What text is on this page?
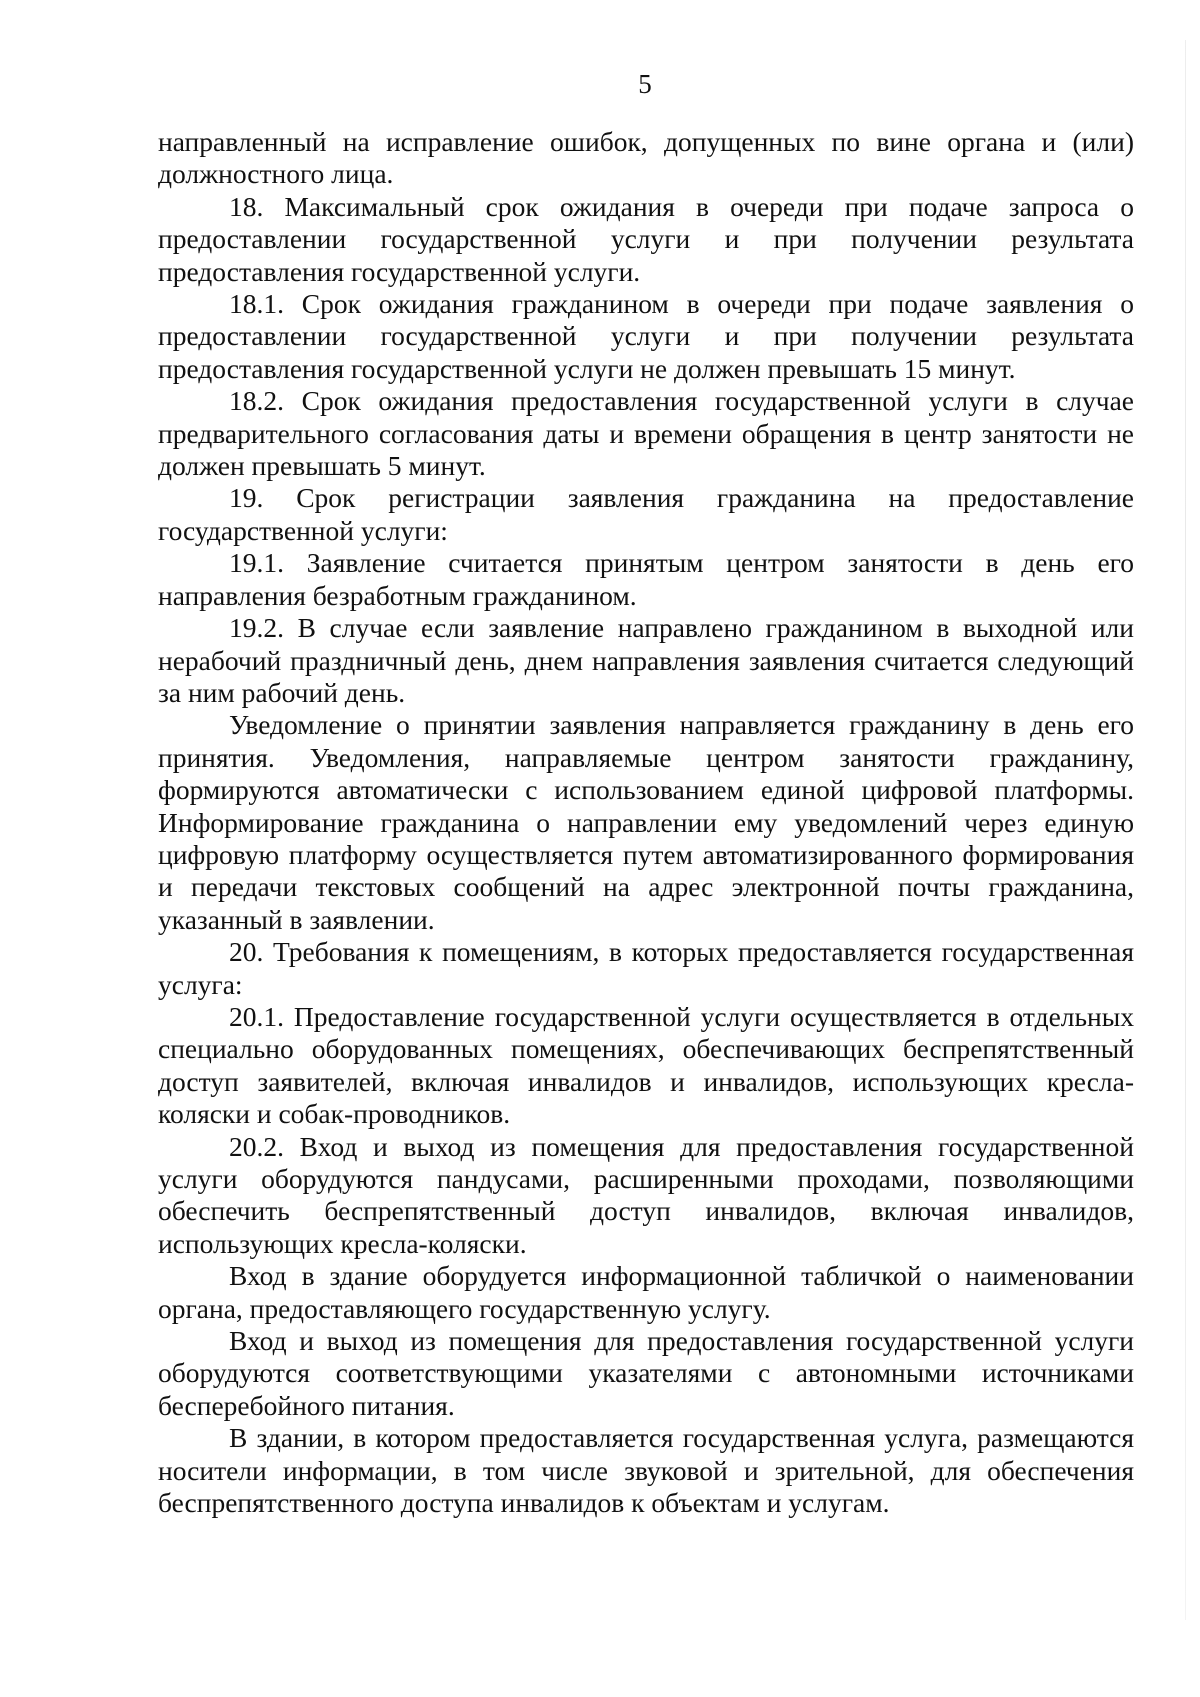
5

направленный на исправление ошибок, допущенных по вине органа и (или) должностного лица.

18. Максимальный срок ожидания в очереди при подаче запроса о предоставлении государственной услуги и при получении результата предоставления государственной услуги.

18.1. Срок ожидания гражданином в очереди при подаче заявления о предоставлении государственной услуги и при получении результата предоставления государственной услуги не должен превышать 15 минут.

18.2. Срок ожидания предоставления государственной услуги в случае предварительного согласования даты и времени обращения в центр занятости не должен превышать 5 минут.

19. Срок регистрации заявления гражданина на предоставление государственной услуги:

19.1. Заявление считается принятым центром занятости в день его направления безработным гражданином.

19.2. В случае если заявление направлено гражданином в выходной или нерабочий праздничный день, днем направления заявления считается следующий за ним рабочий день.

Уведомление о принятии заявления направляется гражданину в день его принятия. Уведомления, направляемые центром занятости гражданину, формируются автоматически с использованием единой цифровой платформы. Информирование гражданина о направлении ему уведомлений через единую цифровую платформу осуществляется путем автоматизированного формирования и передачи текстовых сообщений на адрес электронной почты гражданина, указанный в заявлении.

20. Требования к помещениям, в которых предоставляется государственная услуга:

20.1. Предоставление государственной услуги осуществляется в отдельных специально оборудованных помещениях, обеспечивающих беспрепятственный доступ заявителей, включая инвалидов и инвалидов, использующих кресла-коляски и собак-проводников.

20.2. Вход и выход из помещения для предоставления государственной услуги оборудуются пандусами, расширенными проходами, позволяющими обеспечить беспрепятственный доступ инвалидов, включая инвалидов, использующих кресла-коляски.

Вход в здание оборудуется информационной табличкой о наименовании органа, предоставляющего государственную услугу.

Вход и выход из помещения для предоставления государственной услуги оборудуются соответствующими указателями с автономными источниками бесперебойного питания.

В здании, в котором предоставляется государственная услуга, размещаются носители информации, в том числе звуковой и зрительной, для обеспечения беспрепятственного доступа инвалидов к объектам и услугам.
